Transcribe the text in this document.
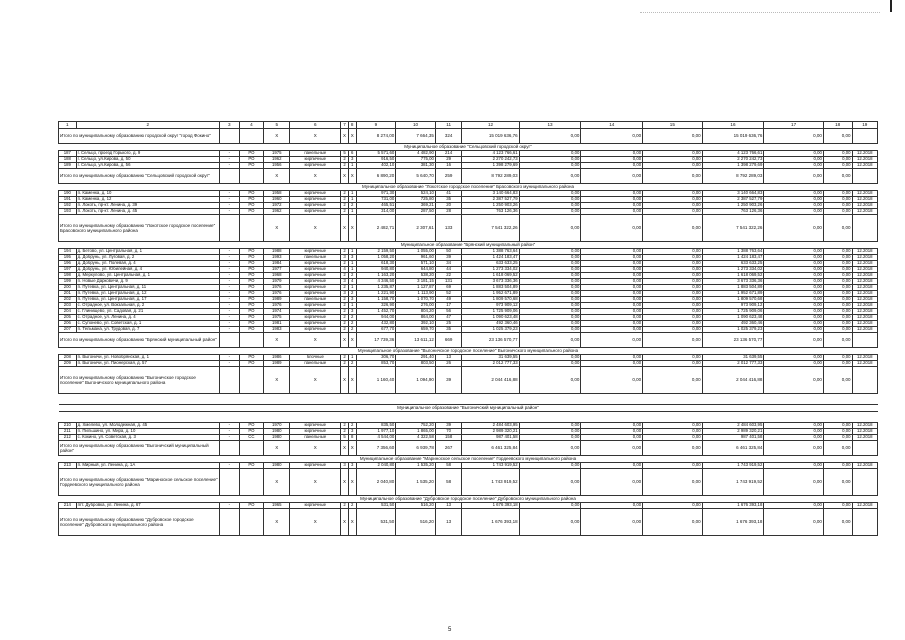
1	2	3	4	5	6	7	8	9	10	11	12	13	14	15	16	17	18	19
Итого по муниципальному образованию городской округ "город Фокино"				X	X	X	X	8 274,00	7 664,35	324	15 019 636,76	0,00	0,00	0,00	15 019 636,76	0,00	0,00	
Муниципальное образование "Сельцовский городской округ"																		
187	г. Сельцо, проезд Горького, д. 9	-	РО	1975	панельные	5	6	5 571,60	4 482,90	214	4 123 766,61	0,00	0,00	0,00	4 123 766,61	0,00	0,00	12.2018
188	г. Сельцо, ул.Кирова, д. 50	-	РО	1962	кирпичные	2	3	916,50	775,00	29	2 270 242,73	0,00	0,00	0,00	2 270 242,73	0,00	0,00	12.2018
189	г. Сельцо, ул.Кирова, д. 56	-	РО	1956	кирпичные	2	1	402,10	381,30	16	1 398 279,69	0,00	0,00	0,00	1 398 279,69	0,00	0,00	12.2018
Итого по муниципальному образованию "Сельцовский городской округ"				X	X	X	X	6 890,20	5 640,70	259	8 792 289,03	0,00	0,00	0,00	8 792 289,03	0,00	0,00	
Муниципальное образование "Локотское городское поселение" Брасовского муниципального района																		
190	п. Каменка, д. 10	-	РО	1958	кирпичные	2	1	971,30	524,10	41	3 140 664,83	0,00	0,00	0,00	3 140 664,83	0,00	0,00	12.2018
191	п. Каменка, д. 12	-	РО	1960	кирпичные	2	1	731,00	725,80	35	2 387 527,79	0,00	0,00	0,00	2 387 527,79	0,00	0,00	12.2018
192	п. Локоть, пр-кт. Ленина, д. 39	-	РО	1972	кирпичные	2	2	465,51	369,21	20	1 250 903,26	0,00	0,00	0,00	1 250 903,26	0,00	0,00	12.2018
193	п. Локоть, пр-кт. Ленина, д. 45	-	РО	1962	кирпичные	2	1	314,00	287,50	28	763 126,36	0,00	0,00	0,00	763 126,36	0,00	0,00	12.2018
Итого по муниципальному образованию "Локотское городское поселение" Брасовского муниципального района				X	X	X	X	2 482,71	2 307,61	133	7 541 322,26	0,00	0,00	0,00	7 541 322,26	0,00	0,00	
Муниципальное образование "Брянский муниципальный район"																		
194	д. Бетово, ул. Центральная, д. 1	-	РО	1988	кирпичные	2	1	2 159,50	1 055,00	50	1 388 763,64	0,00	0,00	0,00	1 388 763,64	0,00	0,00	12.2018
195	д. Добрунь, ул. Луговая, д. 2	-	РО	1993	панельные	3	3	1 058,20	961,60	39	1 424 183,47	0,00	0,00	0,00	1 424 183,47	0,00	0,00	12.2018
196	д. Добрунь, ул. Полевая, д. 4	-	РО	1984	кирпичные	2	1	618,30	571,10	34	633 633,25	0,00	0,00	0,00	633 633,25	0,00	0,00	12.2018
197	д. Добрунь, ул. Юбилейная, д. 4	-	РО	1977	кирпичные	4	1	940,80	644,80	44	1 273 334,02	0,00	0,00	0,00	1 273 334,02	0,00	0,00	12.2018
198	д. Меркулово, ул. Центральная, д. 1	-	РО	1968	кирпичные	2	2	1 163,20	538,20	22	1 618 069,52	0,00	0,00	0,00	1 618 069,52	0,00	0,00	12.2018
199	п. Новые Дарковичи, д. 9	-	РО	1979	кирпичные	3	4	4 346,50	3 181,15	131	3 673 336,36	0,00	0,00	0,00	3 673 336,36	0,00	0,00	12.2018
200	п. Путевка, ул. Центральная, д. 11	-	РО	1976	кирпичные	2	1	1 235,87	1 127,87	69	1 883 504,89	0,00	0,00	0,00	1 883 504,89	0,00	0,00	12.2018
201	п. Путевка, ул. Центральная, д. 12	-	РО	1976	кирпичные	3	2	1 221,90	1 113,90	52	1 952 671,89	0,00	0,00	0,00	1 952 671,89	0,00	0,00	12.2018
202	п. Путевка, ул. Центральная, д. 17	-	РО	1989	панельные	2	3	1 158,70	1 070,70	49	1 809 570,68	0,00	0,00	0,00	1 809 570,68	0,00	0,00	12.2018
203	с. Отрадное, ул. Вокзальная, д. 2	-	РО	1976	кирпичные	2	1	326,90	276,00	17	973 909,12	0,00	0,00	0,00	973 909,12	0,00	0,00	12.2018
204	с. Глинищево, ул. Садовая, д. 21	-	РО	1974	кирпичные	2	3	1 452,70	804,20	56	1 725 909,06	0,00	0,00	0,00	1 725 909,06	0,00	0,00	12.2018
205	с. Отрадное, ул. Ленина, д. 4	-	РО	1975	кирпичные	2	2	944,00	864,00	47	1 090 623,48	0,00	0,00	0,00	1 090 623,48	0,00	0,00	12.2018
206	с. Супонево, ул. Советская, д. 1	-	РО	1981	кирпичные	2	2	432,80	392,10	25	492 360,46	0,00	0,00	0,00	492 360,46	0,00	0,00	12.2018
207	п. Тельмана, ул. Трудовая, д. 7	-	РО	1983	кирпичные	2	2	677,70	659,70	35	1 025 379,23	0,00	0,00	0,00	1 025 379,23	0,00	0,00	12.2018
Итого по муниципальному образованию "Брянский муниципальный район"				X	X	X	X	17 739,36	13 611,12	669	23 136 570,77	0,00	0,00	0,00	23 136 570,77	0,00	0,00	
Муниципальное образование "Выгоничское городское поселение" Выгоничского муниципального района																		
208	п. Выгоничи, ул. Новобрянская, д. 1	-	РО	1986	блочные	2	1	306,70	291,40	13	31 639,55	0,00	0,00	0,00	31 639,55	0,00	0,00	12.2018
209	п. Выгоничи, ул. Пионерская, д. 57	-	РО	1989	панельные	2	2	853,70	803,50	26	2 012 777,33	0,00	0,00	0,00	2 012 777,33	0,00	0,00	12.2018
Итого по муниципальному образованию "Выгоничское городское поселение" Выгоничского муниципального района				X	X	X	X	1 160,40	1 094,90	39	2 044 416,88	0,00	0,00	0,00	2 044 416,88	0,00	0,00	

Муниципальное образование "Выгоничский муниципальный район"																		

210	д. Хмелево, ул. Молодежная, д. 45	-	РО	1970	кирпичные	2	2	835,50	752,20	39	2 484 603,95	0,00	0,00	0,00	2 484 603,95	0,00	0,00	12.2018
211	п. Пильшино, ул. Мира, д. 10	-	РО	1980	кирпичные	2	3	1 977,10	1 865,00	70	2 989 320,21	0,00	0,00	0,00	2 989 320,21	0,00	0,00	12.2018
212	с. Кокино, ул. Советская, д. 3	-	СС	1980	панельные	5	8	4 544,00	4 322,58	158	987 401,58	0,00	0,00	0,00	987 401,58	0,00	0,00	12.2018
Итого по муниципальному образованию "Выгоничский муниципальный район"				X	X	X	X	7 356,60	6 939,78	267	6 461 325,84	0,00	0,00	0,00	6 461 325,84	0,00	0,00	
Муниципальное образование "Мариноское сельское поселение" Гордеевского муниципального района																		
213	п. Мирный, ул. Ленина, д. 1А	-	РО	1980	кирпичные	3	3	2 040,80	1 535,20	58	1 743 919,52	0,00	0,00	0,00	1 743 919,52	0,00	0,00	12.2018
Итого по муниципальному образованию "Мариноское сельское поселение" Гордеевского муниципального района				X	X	X	X	2 040,80	1 535,20	58	1 743 919,52	0,00	0,00	0,00	1 743 919,52	0,00	0,00	
Муниципальное образование "Дубровское городское поселение" Дубровского муниципального района																		
214	пгт. Дубровка, ул. Ленина, д. 67	-	РО	1965	кирпичные	2	2	531,50	516,20	13	1 676 393,18	0,00	0,00	0,00	1 676 393,18	0,00	0,00	12.2018
Итого по муниципальному образованию "Дубровское городское поселение" Дубровского муниципального района				X	X	X	X	531,50	516,20	13	1 676 393,18	0,00	0,00	0,00	1 676 393,18	0,00	0,00	
5
